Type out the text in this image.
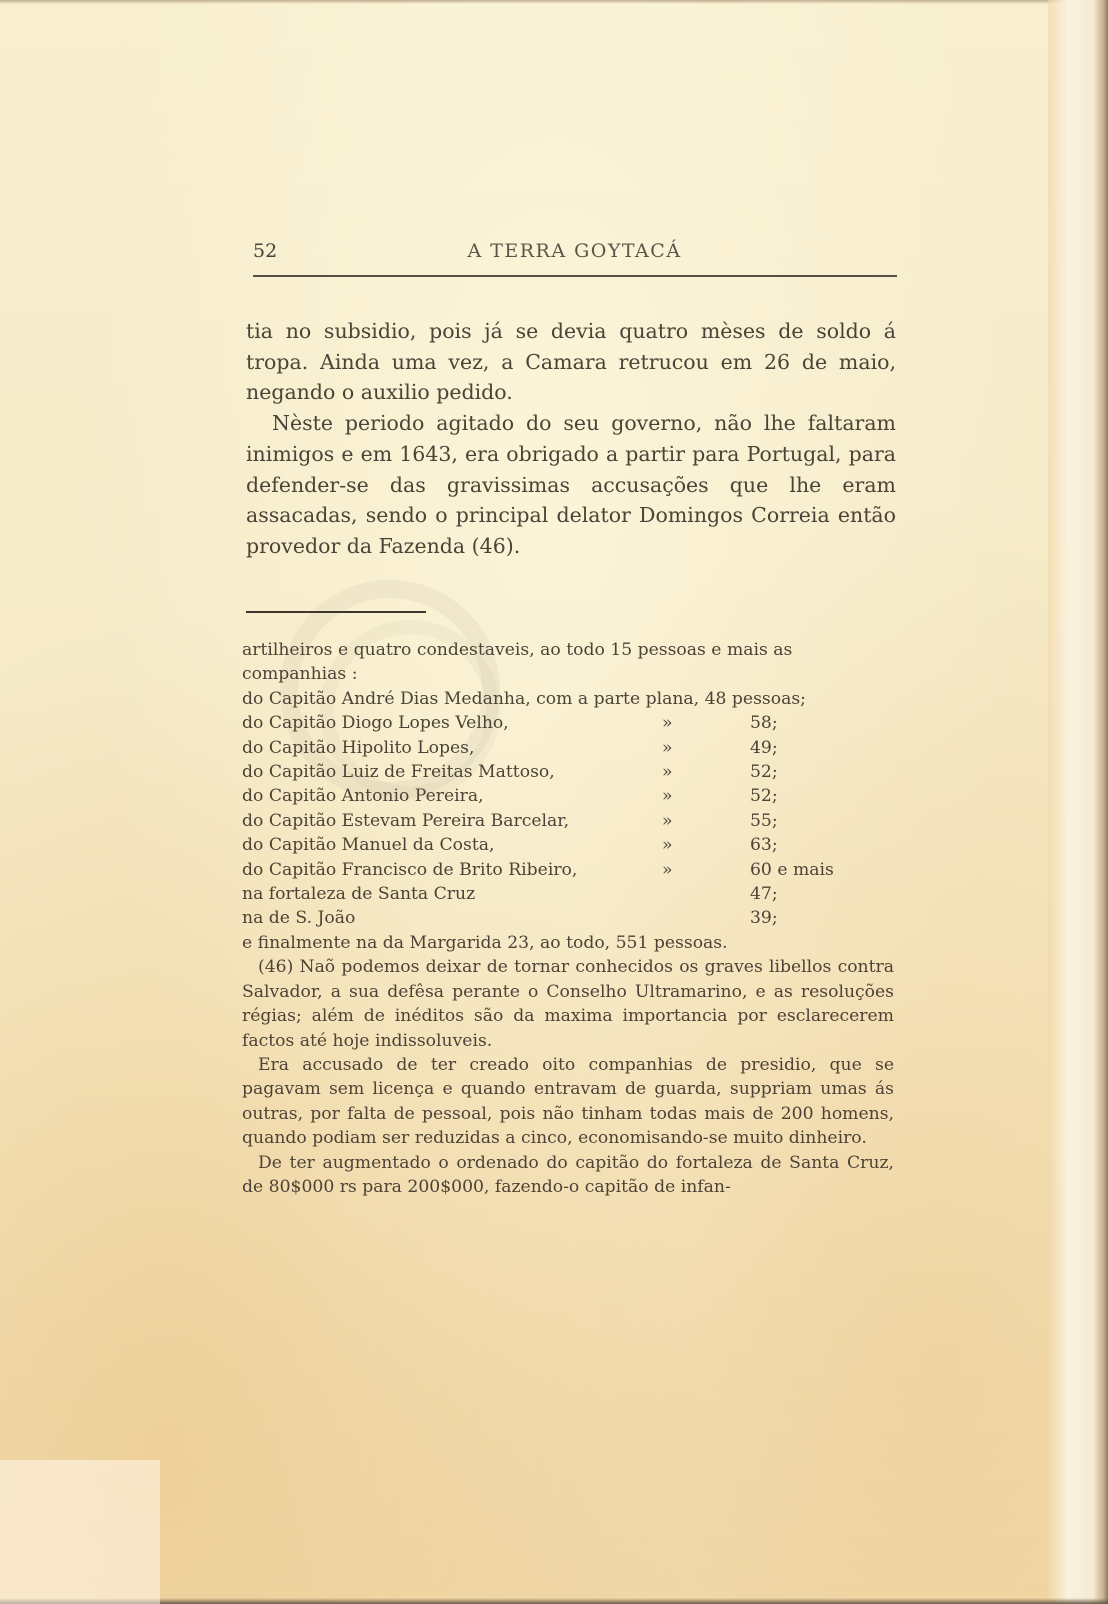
52	A TERRA GOYTACÁ

tia no subsidio, pois já se devia quatro mèses de soldo á tropa. Ainda uma vez, a Camara retrucou em 26 de maio, negando o auxilio pedido.

Nèste periodo agitado do seu governo, não lhe faltaram inimigos e em 1643, era obrigado a partir para Portugal, para defender-se das gravissimas accusações que lhe eram assacadas, sendo o principal delator Domingos Correia então provedor da Fazenda (46).

artilheiros e quatro condestaveis, ao todo 15 pessoas e mais as
companhias :
do Capitão André Dias Medanha, com a parte plana, 48 pessoas;
do Capitão Diogo Lopes Velho,	»	58;
do Capitão Hipolito Lopes,	»	49;
do Capitão Luiz de Freitas Mattoso,	»	52;
do Capitão Antonio Pereira,	»	52;
do Capitão Estevam Pereira Barcelar,	»	55;
do Capitão Manuel da Costa,	»	63;
do Capitão Francisco de Brito Ribeiro,	»	60 e mais
na fortaleza de Santa Cruz	47;
na de S. João	39;
e finalmente na da Margarida 23, ao todo, 551 pessoas.

(46) Naõ podemos deixar de tornar conhecidos os graves libellos contra Salvador, a sua defêsa perante o Conselho Ultramarino, e as resoluções régias; além de inéditos são da maxima importancia por esclarecerem factos até hoje indissoluveis.

Era accusado de ter creado oito companhias de presidio, que se pagavam sem licença e quando entravam de guarda, suppriam umas ás outras, por falta de pessoal, pois não tinham todas mais de 200 homens, quando podiam ser reduzidas a cinco, economisando-se muito dinheiro.

De ter augmentado o ordenado do capitão do fortaleza de Santa Cruz, de 80$000 rs para 200$000, fazendo-o capitão de infan-
